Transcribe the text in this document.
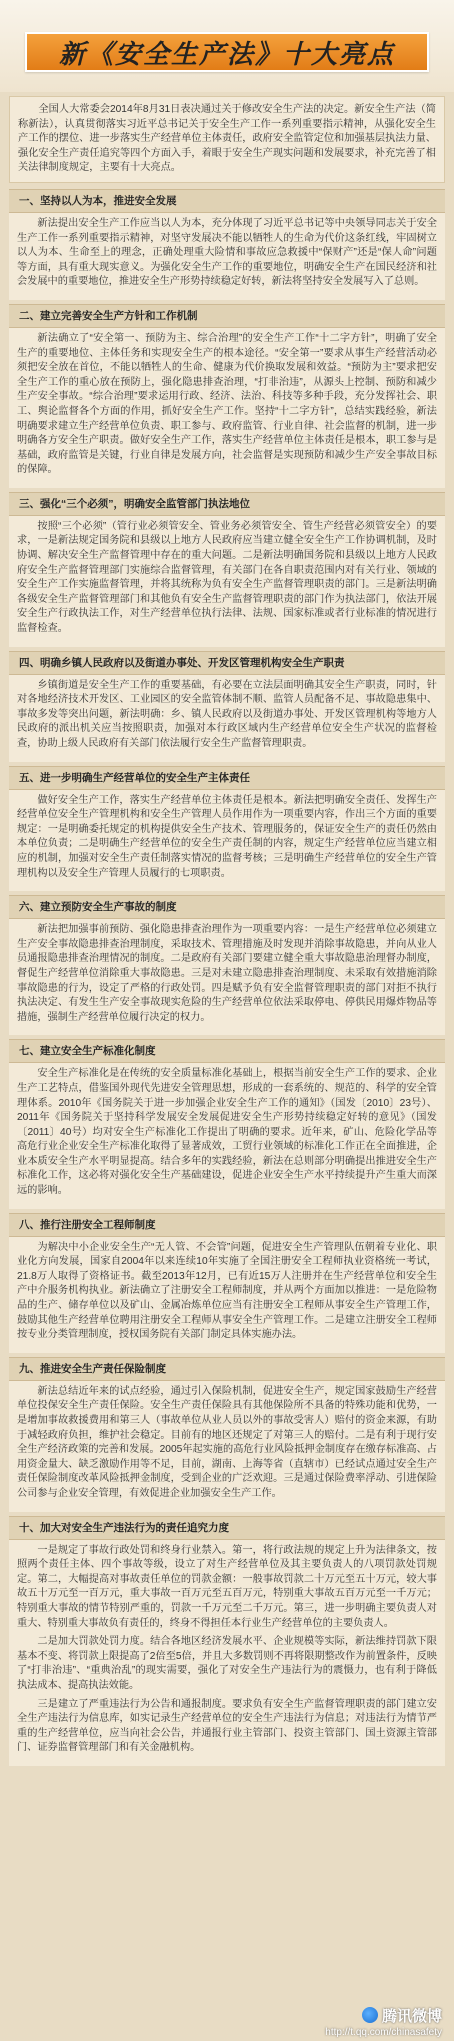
新《安全生产法》十大亮点
全国人大常委会2014年8月31日表决通过关于修改安全生产法的决定。新安全生产法（简称新法），认真贯彻落实习近平总书记关于安全生产工作一系列重要指示精神，从强化安全生产工作的摆位、进一步落实生产经营单位主体责任，政府安全监管定位和加强基层执法力量、强化安全生产责任追究等四个方面入手，着眼于安全生产现实问题和发展要求，补充完善了相关法律制度规定，主要有十大亮点。
一、坚持以人为本，推进安全发展

新法提出安全生产工作应当以人为本，充分体现了习近平总书记等中央领导同志关于安全生产工作一系列重要指示精神，对坚守发展决不能以牺牲人的生命为代价这条红线，牢固树立以人为本、生命至上的理念，正确处理重大险情和事故应急救援中“保财产”还是“保人命”问题等方面，具有重大现实意义。为强化安全生产工作的重要地位，明确安全生产在国民经济和社会发展中的重要地位，推进安全生产形势持续稳定好转，新法将坚持安全发展写入了总则。

二、建立完善安全生产方针和工作机制

新法确立了“安全第一、预防为主、综合治理”的安全生产工作“十二字方针”，明确了安全生产的重要地位、主体任务和实现安全生产的根本途径。“安全第一”要求从事生产经营活动必须把安全放在首位，不能以牺牲人的生命、健康为代价换取发展和效益。“预防为主”要求把安全生产工作的重心放在预防上，强化隐患排查治理，“打非治违”，从源头上控制、预防和减少生产安全事故。“综合治理”要求运用行政、经济、法治、科技等多种手段，充分发挥社会、职工、舆论监督各个方面的作用，抓好安全生产工作。坚持“十二字方针”，总结实践经验，新法明确要求建立生产经营单位负责、职工参与、政府监管、行业自律、社会监督的机制，进一步明确各方安全生产职责。做好安全生产工作，落实生产经营单位主体责任是根本，职工参与是基础，政府监管是关键，行业自律是发展方向，社会监督是实现预防和减少生产安全事故目标的保障。

三、强化“三个必须”，明确安全监管部门执法地位

按照“三个必须”（管行业必须管安全、管业务必须管安全、管生产经营必须管安全）的要求，一是新法规定国务院和县级以上地方人民政府应当建立健全安全生产工作协调机制，及时协调、解决安全生产监督管理中存在的重大问题。二是新法明确国务院和县级以上地方人民政府安全生产监督管理部门实施综合监督管理，有关部门在各自职责范围内对有关行业、领域的安全生产工作实施监督管理，并将其统称为负有安全生产监督管理职责的部门。三是新法明确各级安全生产监督管理部门和其他负有安全生产监督管理职责的部门作为执法部门，依法开展安全生产行政执法工作，对生产经营单位执行法律、法规、国家标准或者行业标准的情况进行监督检查。

四、明确乡镇人民政府以及街道办事处、开发区管理机构安全生产职责

乡镇街道是安全生产工作的重要基础，有必要在立法层面明确其安全生产职责，同时，针对各地经济技术开发区、工业园区的安全监管体制不顺、监管人员配备不足、事故隐患集中、事故多发等突出问题，新法明确：乡、镇人民政府以及街道办事处、开发区管理机构等地方人民政府的派出机关应当按照职责，加强对本行政区域内生产经营单位安全生产状况的监督检查，协助上级人民政府有关部门依法履行安全生产监督管理职责。

五、进一步明确生产经营单位的安全生产主体责任

做好安全生产工作，落实生产经营单位主体责任是根本。新法把明确安全责任、发挥生产经营单位安全生产管理机构和安全生产管理人员作用作为一项重要内容，作出三个方面的重要规定：一是明确委托规定的机构提供安全生产技术、管理服务的，保证安全生产的责任仍然由本单位负责；二是明确生产经营单位的安全生产责任制的内容，规定生产经营单位应当建立相应的机制，加强对安全生产责任制落实情况的监督考核；三是明确生产经营单位的安全生产管理机构以及安全生产管理人员履行的七项职责。

六、建立预防安全生产事故的制度

新法把加强事前预防、强化隐患排查治理作为一项重要内容：一是生产经营单位必须建立生产安全事故隐患排查治理制度，采取技术、管理措施及时发现并消除事故隐患，并向从业人员通报隐患排查治理情况的制度。二是政府有关部门要建立健全重大事故隐患治理督办制度，督促生产经营单位消除重大事故隐患。三是对未建立隐患排查治理制度、未采取有效措施消除事故隐患的行为，设定了严格的行政处罚。四是赋予负有安全监督管理职责的部门对拒不执行执法决定、有发生生产安全事故现实危险的生产经营单位依法采取停电、停供民用爆炸物品等措施，强制生产经营单位履行决定的权力。

七、建立安全生产标准化制度

安全生产标准化是在传统的安全质量标准化基础上，根据当前安全生产工作的要求、企业生产工艺特点，借鉴国外现代先进安全管理思想，形成的一套系统的、规范的、科学的安全管理体系。2010年《国务院关于进一步加强企业安全生产工作的通知》（国发〔2010〕23号）、2011年《国务院关于坚持科学发展安全发展促进安全生产形势持续稳定好转的意见》（国发〔2011〕40号）均对安全生产标准化工作提出了明确的要求。近年来，矿山、危险化学品等高危行业企业安全生产标准化取得了显著成效，工贸行业领域的标准化工作正在全面推进，企业本质安全生产水平明显提高。结合多年的实践经验，新法在总则部分明确提出推进安全生产标准化工作，这必将对强化安全生产基础建设，促进企业安全生产水平持续提升产生重大而深远的影响。

八、推行注册安全工程师制度

为解决中小企业安全生产“无人管、不会管”问题，促进安全生产管理队伍朝着专业化、职业化方向发展，国家自2004年以来连续10年实施了全国注册安全工程师执业资格统一考试，21.8万人取得了资格证书。截至2013年12月，已有近15万人注册并在生产经营单位和安全生产中介服务机构执业。新法确立了注册安全工程师制度，并从两个方面加以推进：一是危险物品的生产、储存单位以及矿山、金属冶炼单位应当有注册安全工程师从事安全生产管理工作，鼓励其他生产经营单位聘用注册安全工程师从事安全生产管理工作。二是建立注册安全工程师按专业分类管理制度，授权国务院有关部门制定具体实施办法。

九、推进安全生产责任保险制度

新法总结近年来的试点经验，通过引入保险机制，促进安全生产，规定国家鼓励生产经营单位投保安全生产责任保险。安全生产责任保险具有其他保险所不具备的特殊功能和优势，一是增加事故救援费用和第三人（事故单位从业人员以外的事故受害人）赔付的资金来源，有助于减轻政府负担，维护社会稳定。目前有的地区还规定了对第三人的赔付。二是有利于现行安全生产经济政策的完善和发展。2005年起实施的高危行业风险抵押金制度存在缴存标准高、占用资金量大、缺乏激励作用等不足，目前，湖南、上海等省（直辖市）已经试点通过安全生产责任保险制度改革风险抵押金制度，受到企业的广泛欢迎。三是通过保险费率浮动、引进保险公司参与企业安全管理，有效促进企业加强安全生产工作。

十、加大对安全生产违法行为的责任追究力度

一是规定了事故行政处罚和终身行业禁入。第一，将行政法规的规定上升为法律条文，按照两个责任主体、四个事故等级，设立了对生产经营单位及其主要负责人的八项罚款处罚规定。第二，大幅提高对事故责任单位的罚款金额：一般事故罚款二十万元至五十万元，较大事故五十万元至一百万元，重大事故一百万元至五百万元，特别重大事故五百万元至一千万元；特别重大事故的情节特别严重的，罚款一千万元至二千万元。第三，进一步明确主要负责人对重大、特别重大事故负有责任的，终身不得担任本行业生产经营单位的主要负责人。

二是加大罚款处罚力度。结合各地区经济发展水平、企业规模等实际，新法维持罚款下限基本不变、将罚款上限提高了2倍至5倍，并且大多数罚则不再将限期整改作为前置条件，反映了“打非治违”、“重典治乱”的现实需要，强化了对安全生产违法行为的震慑力，也有利于降低执法成本、提高执法效能。

三是建立了严重违法行为公告和通报制度。要求负有安全生产监督管理职责的部门建立安全生产违法行为信息库，如实记录生产经营单位的安全生产违法行为信息；对违法行为情节严重的生产经营单位，应当向社会公告，并通报行业主管部门、投资主管部门、国土资源主管部门、证券监督管理部门和有关金融机构。

腾讯微博
http://t.qq.com/chinasafety
